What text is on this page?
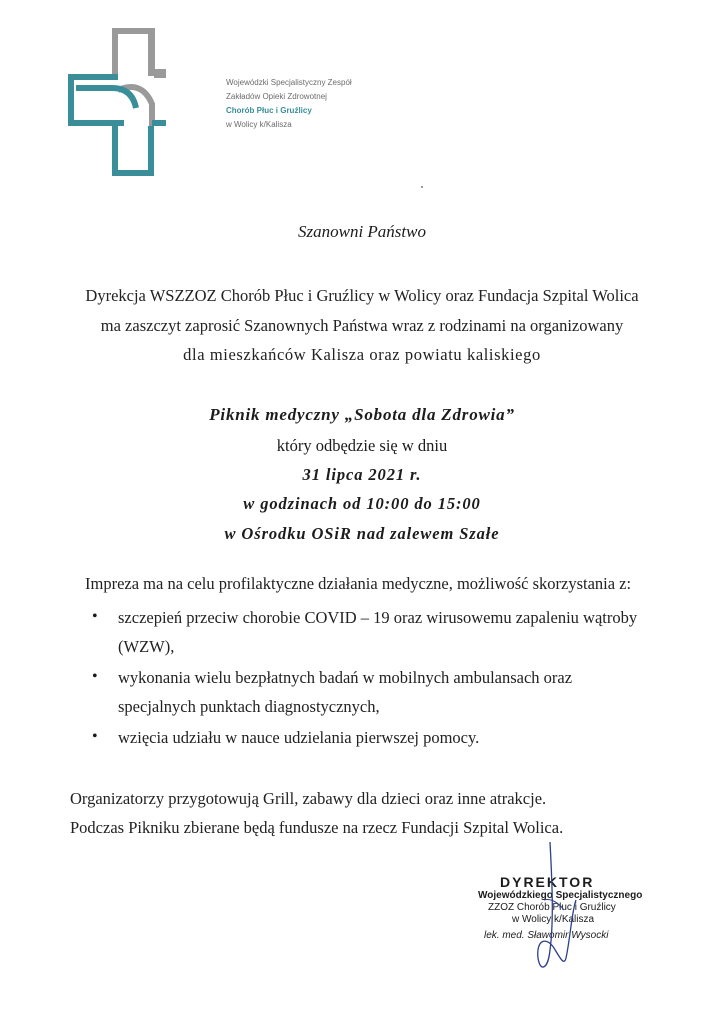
Wojewódzki Specjalistyczny Zespół
Zakładów Opieki Zdrowotnej
Chorób Płuc i Gruźlicy
w Wolicy k/Kalisza
Szanowni Państwo
Dyrekcja WSZZOZ Chorób Płuc i Gruźlicy w Wolicy oraz Fundacja Szpital Wolica
ma zaszczyt zaprosić Szanownych Państwa wraz z rodzinami na organizowany
dla mieszkańców Kalisza oraz powiatu kaliskiego
Piknik medyczny „Sobota dla Zdrowia”
który odbędzie się w dniu
31 lipca 2021 r.
w godzinach od 10:00 do 15:00
w Ośrodku OSiR nad zalewem Szałe
Impreza ma na celu profilaktyczne działania medyczne, możliwość skorzystania z:
• szczepień przeciw chorobie COVID – 19 oraz wirusowemu zapaleniu wątroby
(WZW),
• wykonania wielu bezpłatnych badań w mobilnych ambulansach oraz
specjalnych punktach diagnostycznych,
• wzięcia udziału w nauce udzielania pierwszej pomocy.
Organizatorzy przygotowują Grill, zabawy dla dzieci oraz inne atrakcje.
Podczas Pikniku zbierane będą fundusze na rzecz Fundacji Szpital Wolica.
DYREKTOR
Wojewódzkiego Specjalistycznego
ZZOZ Chorób Płuc i Gruźlicy
w Wolicy k/Kalisza
lek. med. Sławomir Wysocki
